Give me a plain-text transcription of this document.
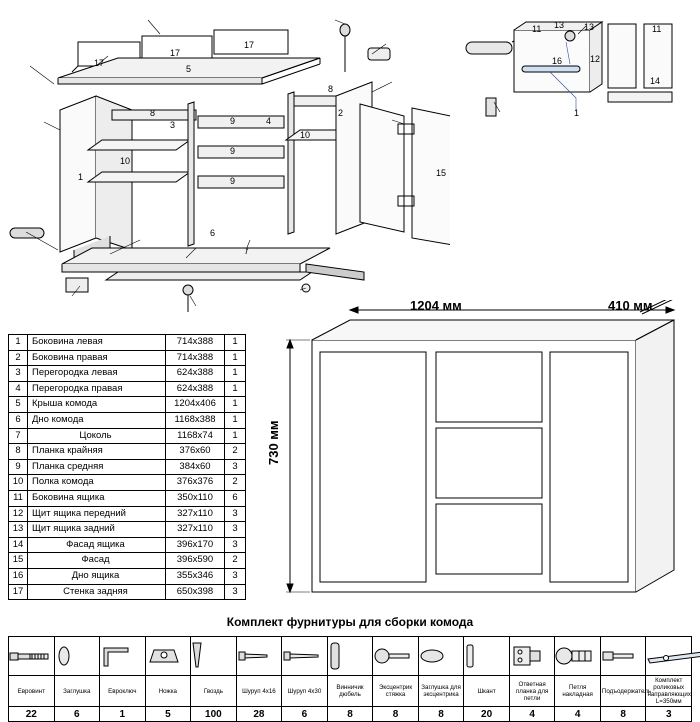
17
17
17
5
1
2
3	4
6
7
8
8
9
9
9
10
10
15
11 13 13
16	12
11
14
1
1	Боковина левая	714х388	1
2	Боковина правая	714х388	1
3	Перегородка левая	624х388	1
4	Перегородка правая	624х388	1
5	Крыша комода	1204х406	1
6	Дно комода	1168х388	1
7	Цоколь	1168х74	1
8	Планка крайняя	376х60	2
9	Планка средняя	384х60	3
10	Полка комода	376х376	2
11	Боковина ящика	350х110	6
12	Щит ящика передний	327х110	3
13	Щит ящика задний	327х110	3
14	Фасад ящика	396х170	3
15	Фасад	396х590	2
16	Дно ящика	355х346	3
17	Стенка задняя	650х398	3
1204 мм	410 мм
730 мм
Комплект фурнитуры для сборки комода

Евровинт	Заглушка	Евроключ	Ножка	Гвоздь	Шуруп 4х16	Шуруп 4х30	Винничик дюбель	Эксцентрик стяжка	Заглушка для эксцентрика	Шкант	Ответная планка для петли	Петля накладная	Подъодержатель	Комплект роликовых направляющих L=350мм
22	6	1	5	100	28	6	8	8	8	20	4	4	8	3
